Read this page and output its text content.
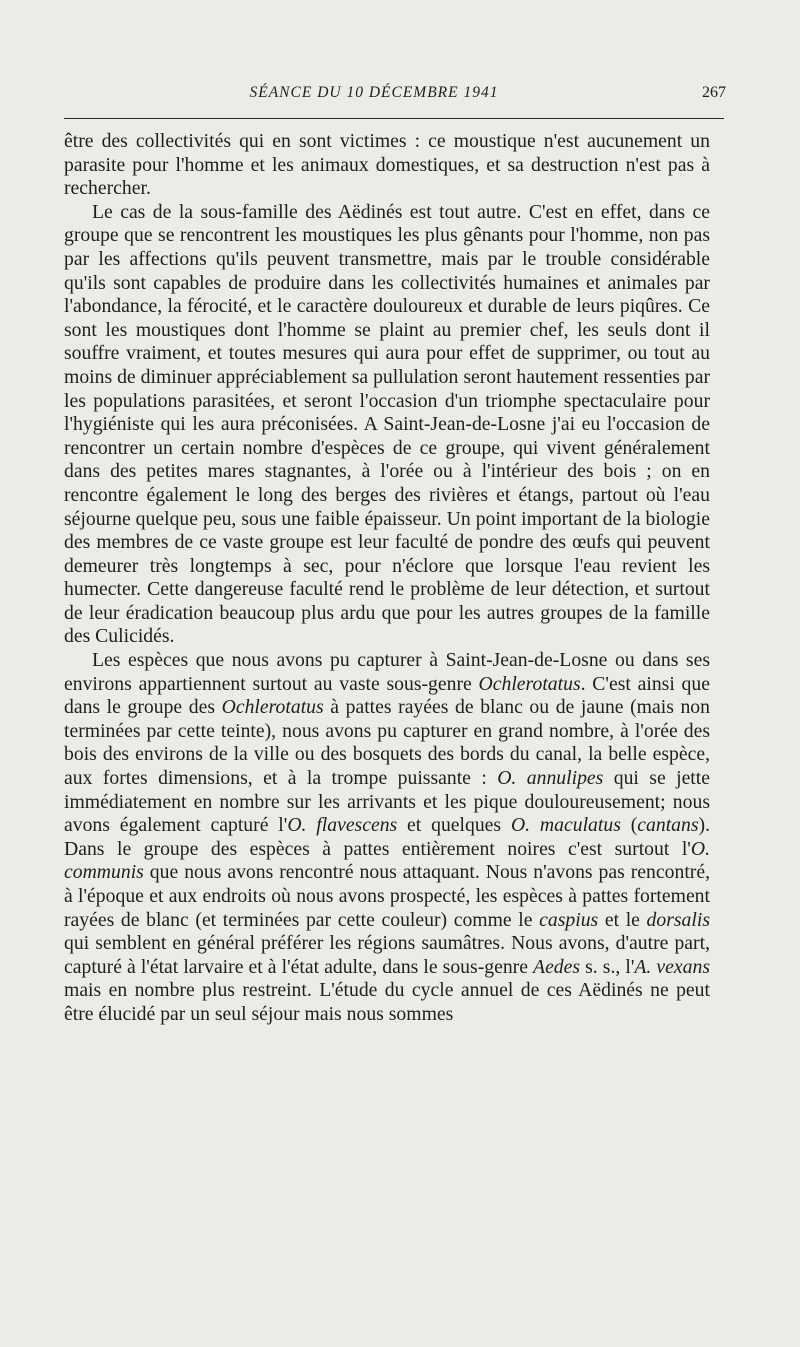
SÉANCE DU 10 DÉCEMBRE 1941	267

être des collectivités qui en sont victimes : ce moustique n'est aucunement un parasite pour l'homme et les animaux domestiques, et sa destruction n'est pas à rechercher.

Le cas de la sous-famille des Aëdinés est tout autre. C'est en effet, dans ce groupe que se rencontrent les moustiques les plus gênants pour l'homme, non pas par les affections qu'ils peuvent transmettre, mais par le trouble considérable qu'ils sont capables de produire dans les collectivités humaines et animales par l'abondance, la férocité, et le caractère douloureux et durable de leurs piqûres. Ce sont les moustiques dont l'homme se plaint au premier chef, les seuls dont il souffre vraiment, et toutes mesures qui aura pour effet de supprimer, ou tout au moins de diminuer appréciablement sa pullulation seront hautement ressenties par les populations parasitées, et seront l'occasion d'un triomphe spectaculaire pour l'hygiéniste qui les aura préconisées. A Saint-Jean-de-Losne j'ai eu l'occasion de rencontrer un certain nombre d'espèces de ce groupe, qui vivent généralement dans des petites mares stagnantes, à l'orée ou à l'intérieur des bois ; on en rencontre également le long des berges des rivières et étangs, partout où l'eau séjourne quelque peu, sous une faible épaisseur. Un point important de la biologie des membres de ce vaste groupe est leur faculté de pondre des œufs qui peuvent demeurer très longtemps à sec, pour n'éclore que lorsque l'eau revient les humecter. Cette dangereuse faculté rend le problème de leur détection, et surtout de leur éradication beaucoup plus ardu que pour les autres groupes de la famille des Culicidés.

Les espèces que nous avons pu capturer à Saint-Jean-de-Losne ou dans ses environs appartiennent surtout au vaste sous-genre Ochlerotatus. C'est ainsi que dans le groupe des Ochlerotatus à pattes rayées de blanc ou de jaune (mais non terminées par cette teinte), nous avons pu capturer en grand nombre, à l'orée des bois des environs de la ville ou des bosquets des bords du canal, la belle espèce, aux fortes dimensions, et à la trompe puissante : O. annulipes qui se jette immédiatement en nombre sur les arrivants et les pique douloureusement; nous avons également capturé l'O. flavescens et quelques O. maculatus (cantans). Dans le groupe des espèces à pattes entièrement noires c'est surtout l'O. communis que nous avons rencontré nous attaquant. Nous n'avons pas rencontré, à l'époque et aux endroits où nous avons prospecté, les espèces à pattes fortement rayées de blanc (et terminées par cette couleur) comme le caspius et le dorsalis qui semblent en général préférer les régions saumâtres. Nous avons, d'autre part, capturé à l'état larvaire et à l'état adulte, dans le sous-genre Aedes s. s., l'A. vexans mais en nombre plus restreint. L'étude du cycle annuel de ces Aëdinés ne peut être élucidé par un seul séjour mais nous sommes
